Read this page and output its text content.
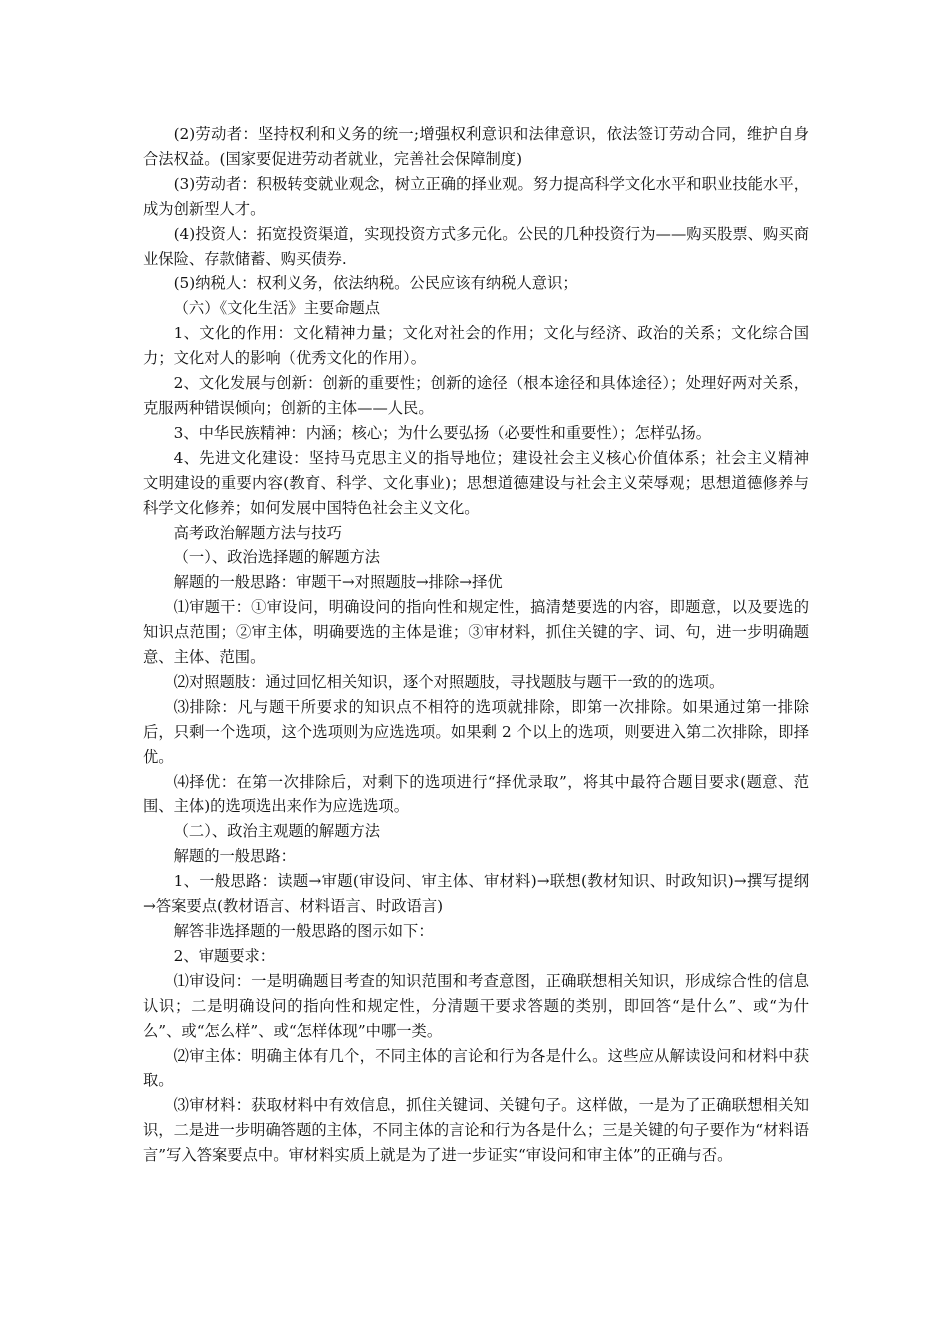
(2)劳动者：坚持权利和义务的统一;增强权利意识和法律意识，依法签订劳动合同，维护自身合法权益。(国家要促进劳动者就业，完善社会保障制度)

(3)劳动者：积极转变就业观念，树立正确的择业观。努力提高科学文化水平和职业技能水平，成为创新型人才。

(4)投资人：拓宽投资渠道，实现投资方式多元化。公民的几种投资行为——购买股票、购买商业保险、存款储蓄、购买债券.

(5)纳税人：权利义务，依法纳税。公民应该有纳税人意识；

（六）《文化生活》主要命题点

1、文化的作用：文化精神力量；文化对社会的作用；文化与经济、政治的关系；文化综合国力；文化对人的影响（优秀文化的作用）。

2、文化发展与创新：创新的重要性；创新的途径（根本途径和具体途径）；处理好两对关系，克服两种错误倾向；创新的主体——人民。

3、中华民族精神：内涵；核心；为什么要弘扬（必要性和重要性）；怎样弘扬。

4、先进文化建设：坚持马克思主义的指导地位；建设社会主义核心价值体系；社会主义精神文明建设的重要内容(教育、科学、文化事业)；思想道德建设与社会主义荣辱观；思想道德修养与科学文化修养；如何发展中国特色社会主义文化。

高考政治解题方法与技巧

（一）、政治选择题的解题方法

解题的一般思路：审题干→对照题肢→排除→择优

⑴审题干：①审设问，明确设问的指向性和规定性，搞清楚要选的内容，即题意，以及要选的知识点范围；②审主体，明确要选的主体是谁；③审材料，抓住关键的字、词、句，进一步明确题意、主体、范围。

⑵对照题肢：通过回忆相关知识，逐个对照题肢，寻找题肢与题干一致的的选项。

⑶排除：凡与题干所要求的知识点不相符的选项就排除，即第一次排除。如果通过第一排除后，只剩一个选项，这个选项则为应选选项。如果剩 2 个以上的选项，则要进入第二次排除，即择优。

⑷择优：在第一次排除后，对剩下的选项进行“择优录取”，将其中最符合题目要求(题意、范围、主体)的选项选出来作为应选选项。

（二）、政治主观题的解题方法

解题的一般思路：

1、一般思路：读题→审题(审设问、审主体、审材料)→联想(教材知识、时政知识)→撰写提纲→答案要点(教材语言、材料语言、时政语言)

解答非选择题的一般思路的图示如下：

2、审题要求：

⑴审设问：一是明确题目考查的知识范围和考查意图，正确联想相关知识，形成综合性的信息认识；二是明确设问的指向性和规定性，分清题干要求答题的类别，即回答“是什么”、或“为什么”、或“怎么样”、或“怎样体现”中哪一类。

⑵审主体：明确主体有几个，不同主体的言论和行为各是什么。这些应从解读设问和材料中获取。

⑶审材料：获取材料中有效信息，抓住关键词、关键句子。这样做，一是为了正确联想相关知识，二是进一步明确答题的主体，不同主体的言论和行为各是什么；三是关键的句子要作为“材料语言”写入答案要点中。审材料实质上就是为了进一步证实“审设问和审主体”的正确与否。
